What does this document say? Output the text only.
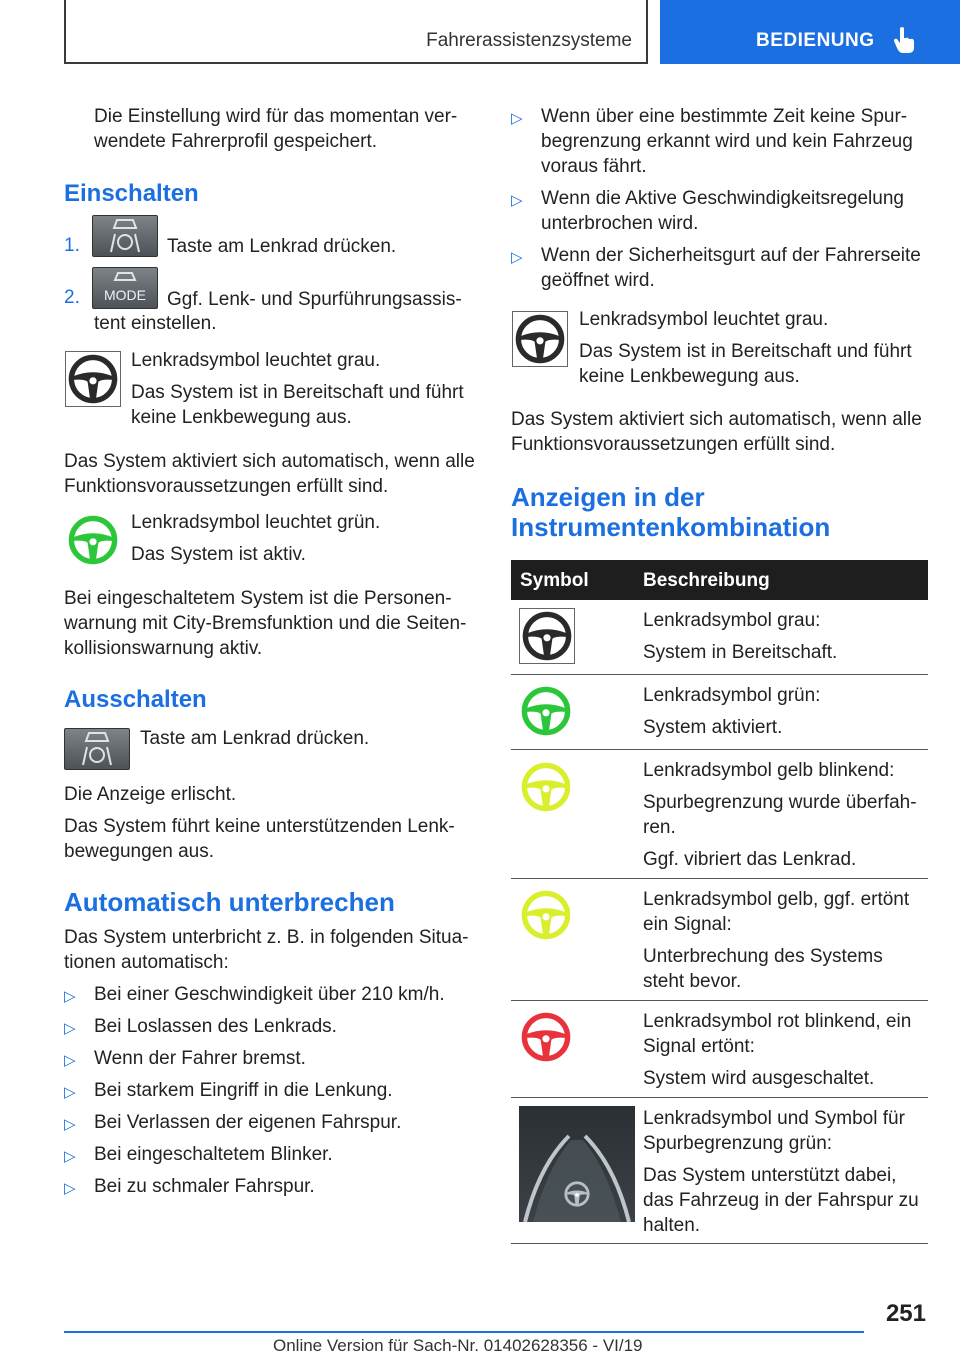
Fahrerassistenzsysteme	BEDIENUNG
Die Einstellung wird für das momentan ver-
wendete Fahrerprofil gespeichert.
Einschalten
1.	Taste am Lenkrad drücken.
2.	MODE	Ggf. Lenk- und Spurführungsassis-
tent einstellen.
Lenkradsymbol leuchtet grau.
Das System ist in Bereitschaft und führt
keine Lenkbewegung aus.
Das System aktiviert sich automatisch, wenn alle
Funktionsvoraussetzungen erfüllt sind.
Lenkradsymbol leuchtet grün.
Das System ist aktiv.
Bei eingeschaltetem System ist die Personen-
warnung mit City-Bremsfunktion und die Seiten-
kollisionswarnung aktiv.
Ausschalten
Taste am Lenkrad drücken.
Die Anzeige erlischt.
Das System führt keine unterstützenden Lenk-
bewegungen aus.
Automatisch unterbrechen
Das System unterbricht z. B. in folgenden Situa-
tionen automatisch:
▷ Bei einer Geschwindigkeit über 210 km/h.
▷ Bei Loslassen des Lenkrads.
▷ Wenn der Fahrer bremst.
▷ Bei starkem Eingriff in die Lenkung.
▷ Bei Verlassen der eigenen Fahrspur.
▷ Bei eingeschaltetem Blinker.
▷ Bei zu schmaler Fahrspur.
▷ Wenn über eine bestimmte Zeit keine Spur-
begrenzung erkannt wird und kein Fahrzeug
voraus fährt.
▷ Wenn die Aktive Geschwindigkeitsregelung
unterbrochen wird.
▷ Wenn der Sicherheitsgurt auf der Fahrerseite
geöffnet wird.
Lenkradsymbol leuchtet grau.
Das System ist in Bereitschaft und führt
keine Lenkbewegung aus.
Das System aktiviert sich automatisch, wenn alle
Funktionsvoraussetzungen erfüllt sind.
Anzeigen in der
Instrumentenkombination
Symbol	Beschreibung
Lenkradsymbol grau:
System in Bereitschaft.
Lenkradsymbol grün:
System aktiviert.
Lenkradsymbol gelb blinkend:
Spurbegrenzung wurde überfah-
ren.
Ggf. vibriert das Lenkrad.
Lenkradsymbol gelb, ggf. ertönt
ein Signal:
Unterbrechung des Systems
steht bevor.
Lenkradsymbol rot blinkend, ein
Signal ertönt:
System wird ausgeschaltet.
Lenkradsymbol und Symbol für
Spurbegrenzung grün:
Das System unterstützt dabei,
das Fahrzeug in der Fahrspur zu
halten.
251
Online Version für Sach-Nr. 01402628356 - VI/19
